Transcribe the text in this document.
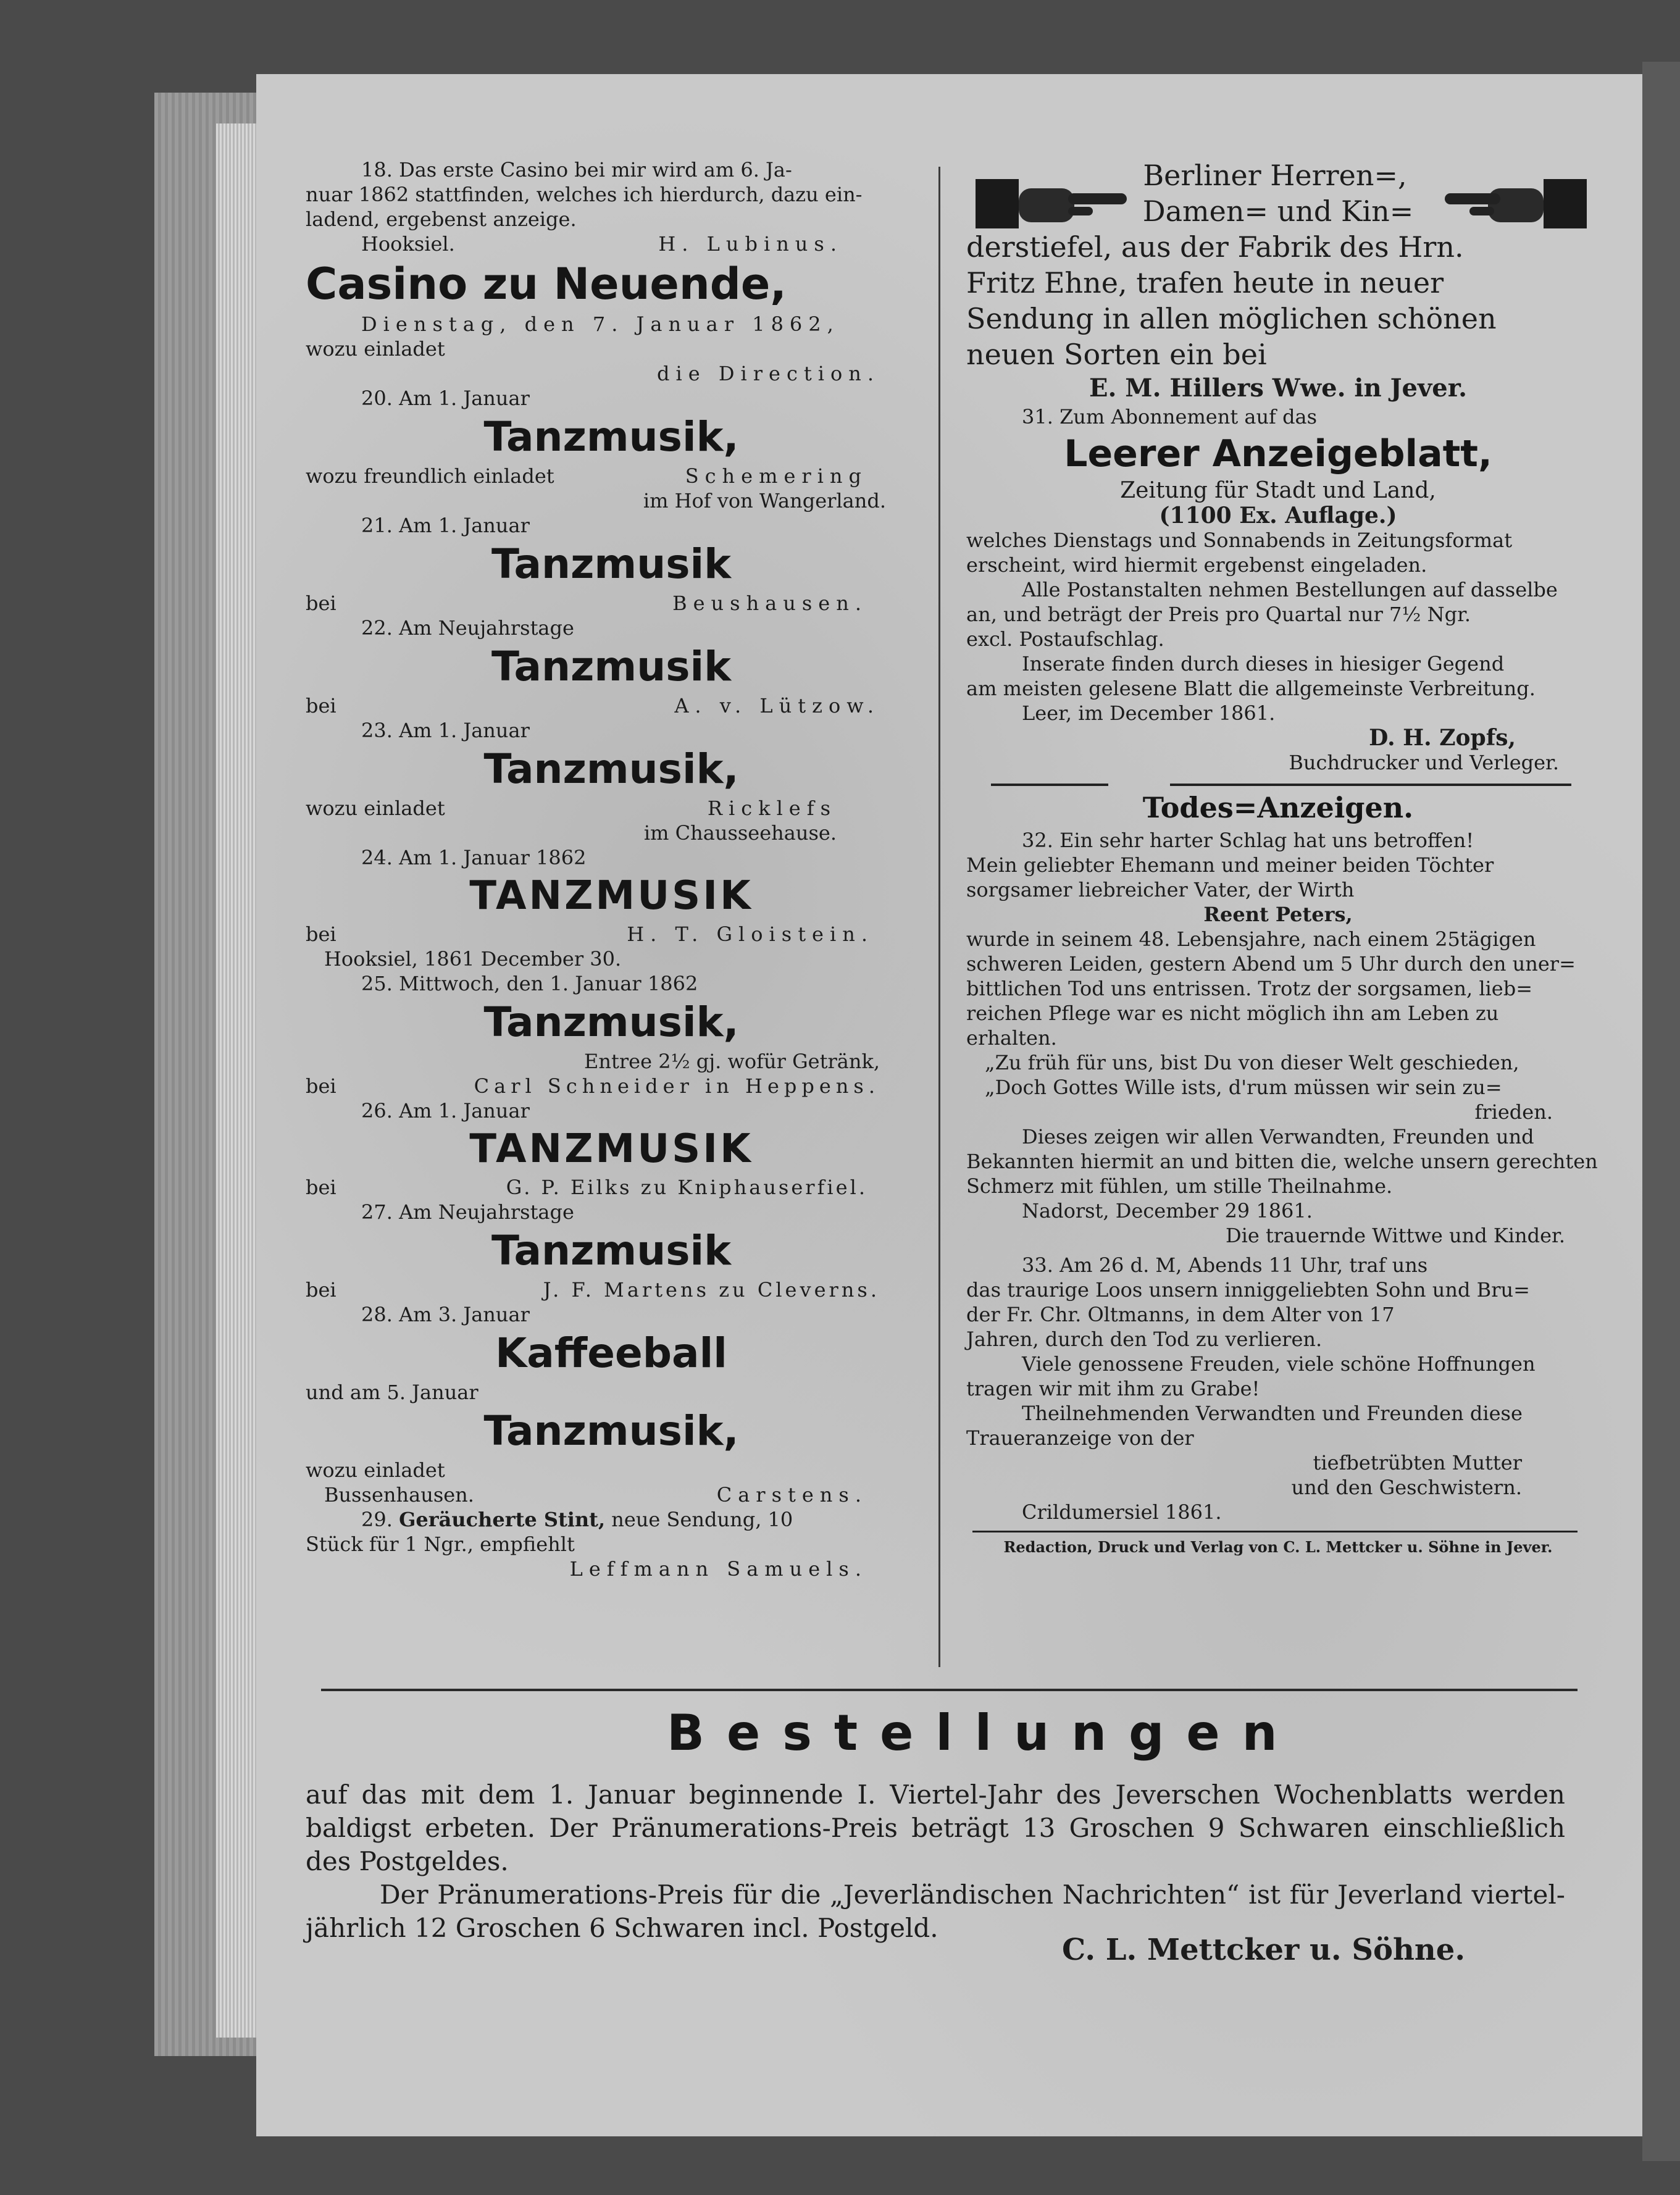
18. Das erste Casino bei mir wird am 6. Ja-

nuar 1862 stattfinden, welches ich hierdurch, dazu ein-

ladend, ergebenst anzeige.

Hooksiel.	H. Lubinus.

Casino zu Neuende,

Dienstag, den 7. Januar 1862,

wozu einladet

die Direction.

20. Am 1. Januar

Tanzmusik,

wozu freundlich einladet	Schemering

im Hof von Wangerland.

21. Am 1. Januar

Tanzmusik

bei	Beushausen.

22. Am Neujahrstage

Tanzmusik

bei	A. v. Lützow.

23. Am 1. Januar

Tanzmusik,

wozu einladet	Ricklefs

im Chausseehause.

24. Am 1. Januar 1862

TANZMUSIK

bei	H. T. Gloistein.

Hooksiel, 1861 December 30.

25. Mittwoch, den 1. Januar 1862

Tanzmusik,

Entree 2½ gj. wofür Getränk,

bei	Carl Schneider in Heppens.

26. Am 1. Januar

TANZMUSIK

bei	G. P. Eilks zu Kniphauserfiel.

27. Am Neujahrstage

Tanzmusik

bei	J. F. Martens zu Cleverns.

28. Am 3. Januar

Kaffeeball

und am 5. Januar

Tanzmusik,

wozu einladet

Bussenhausen.	Carstens.

29. Geräucherte Stint, neue Sendung, 10

Stück für 1 Ngr., empfiehlt

Leffmann Samuels.

Berliner Herren=,

Damen= und Kin=

derstiefel, aus der Fabrik des Hrn.

Fritz Ehne, trafen heute in neuer

Sendung in allen möglichen schönen

neuen Sorten ein bei

E. M. Hillers Wwe. in Jever.

31. Zum Abonnement auf das

Leerer Anzeigeblatt,

Zeitung für Stadt und Land,

(1100 Ex. Auflage.)

welches Dienstags und Sonnabends in Zeitungsformat

erscheint, wird hiermit ergebenst eingeladen.

Alle Postanstalten nehmen Bestellungen auf dasselbe

an, und beträgt der Preis pro Quartal nur 7½ Ngr.

excl. Postaufschlag.

Inserate finden durch dieses in hiesiger Gegend

am meisten gelesene Blatt die allgemeinste Verbreitung.

Leer, im December 1861.

D. H. Zopfs,

Buchdrucker und Verleger.

Todes=Anzeigen.

32. Ein sehr harter Schlag hat uns betroffen!

Mein geliebter Ehemann und meiner beiden Töchter

sorgsamer liebreicher Vater, der Wirth

Reent Peters,

wurde in seinem 48. Lebensjahre, nach einem 25tägigen

schweren Leiden, gestern Abend um 5 Uhr durch den uner=

bittlichen Tod uns entrissen. Trotz der sorgsamen, lieb=

reichen Pflege war es nicht möglich ihn am Leben zu

erhalten.

„Zu früh für uns, bist Du von dieser Welt geschieden,

„Doch Gottes Wille ists, d'rum müssen wir sein zu=

frieden.

Dieses zeigen wir allen Verwandten, Freunden und

Bekannten hiermit an und bitten die, welche unsern gerechten

Schmerz mit fühlen, um stille Theilnahme.

Nadorst, December 29 1861.

Die trauernde Wittwe und Kinder.

33. Am 26 d. M, Abends 11 Uhr, traf uns

das traurige Loos unsern inniggeliebten Sohn und Bru=

der Fr. Chr. Oltmanns, in dem Alter von 17

Jahren, durch den Tod zu verlieren.

Viele genossene Freuden, viele schöne Hoffnungen

tragen wir mit ihm zu Grabe!

Theilnehmenden Verwandten und Freunden diese

Traueranzeige von der

tiefbetrübten Mutter

und den Geschwistern.

Crildumersiel 1861.

Redaction, Druck und Verlag von C. L. Mettcker u. Söhne in Jever.

Bestellungen

auf das mit dem 1. Januar beginnende I. Viertel-Jahr des Jeverschen Wochenblatts werden baldigst erbeten. Der Pränumerations-Preis beträgt 13 Groschen 9 Schwaren einschließlich des Postgeldes.

Der Pränumerations-Preis für die „Jeverländischen Nachrichten“ ist für Jeverland viertel-jährlich 12 Groschen 6 Schwaren incl. Postgeld.

C. L. Mettcker u. Söhne.
